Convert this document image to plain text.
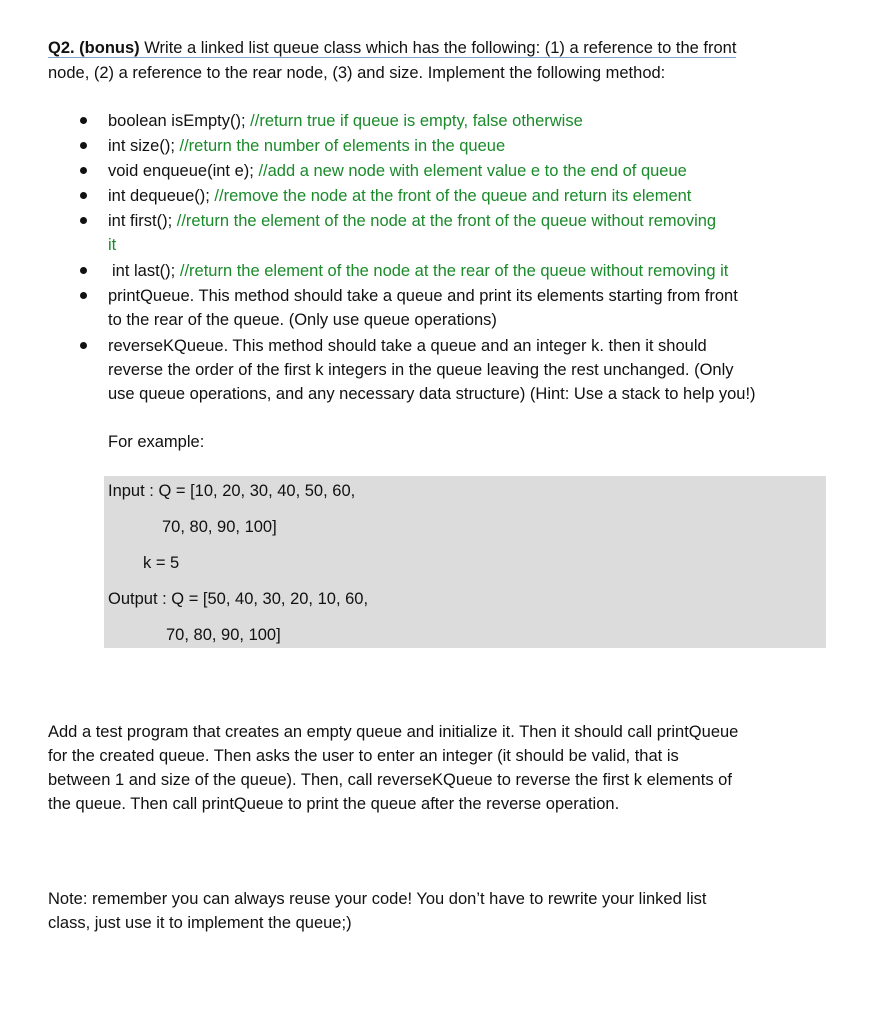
Q2. (bonus) Write a linked list queue class which has the following: (1) a reference to the front
node, (2) a reference to the rear node, (3) and size. Implement the following method:
boolean isEmpty(); //return true if queue is empty, false otherwise
int size(); //return the number of elements in the queue
void enqueue(int e); //add a new node with element value e to the end of queue
int dequeue(); //remove the node at the front of the queue and return its element
int first(); //return the element of the node at the front of the queue without removing
it
int last(); //return the element of the node at the rear of the queue without removing it
printQueue. This method should take a queue and print its elements starting from front
to the rear of the queue. (Only use queue operations)
reverseKQueue. This method should take a queue and an integer k. then it should
reverse the order of the first k integers in the queue leaving the rest unchanged. (Only
use queue operations, and any necessary data structure) (Hint: Use a stack to help you!)
For example:
Input : Q = [10, 20, 30, 40, 50, 60,
70, 80, 90, 100]
k = 5
Output : Q = [50, 40, 30, 20, 10, 60,
70, 80, 90, 100]
Add a test program that creates an empty queue and initialize it. Then it should call printQueue
for the created queue. Then asks the user to enter an integer (it should be valid, that is
between 1 and size of the queue). Then, call reverseKQueue to reverse the first k elements of
the queue. Then call printQueue to print the queue after the reverse operation.
Note: remember you can always reuse your code! You don’t have to rewrite your linked list
class, just use it to implement the queue;)
